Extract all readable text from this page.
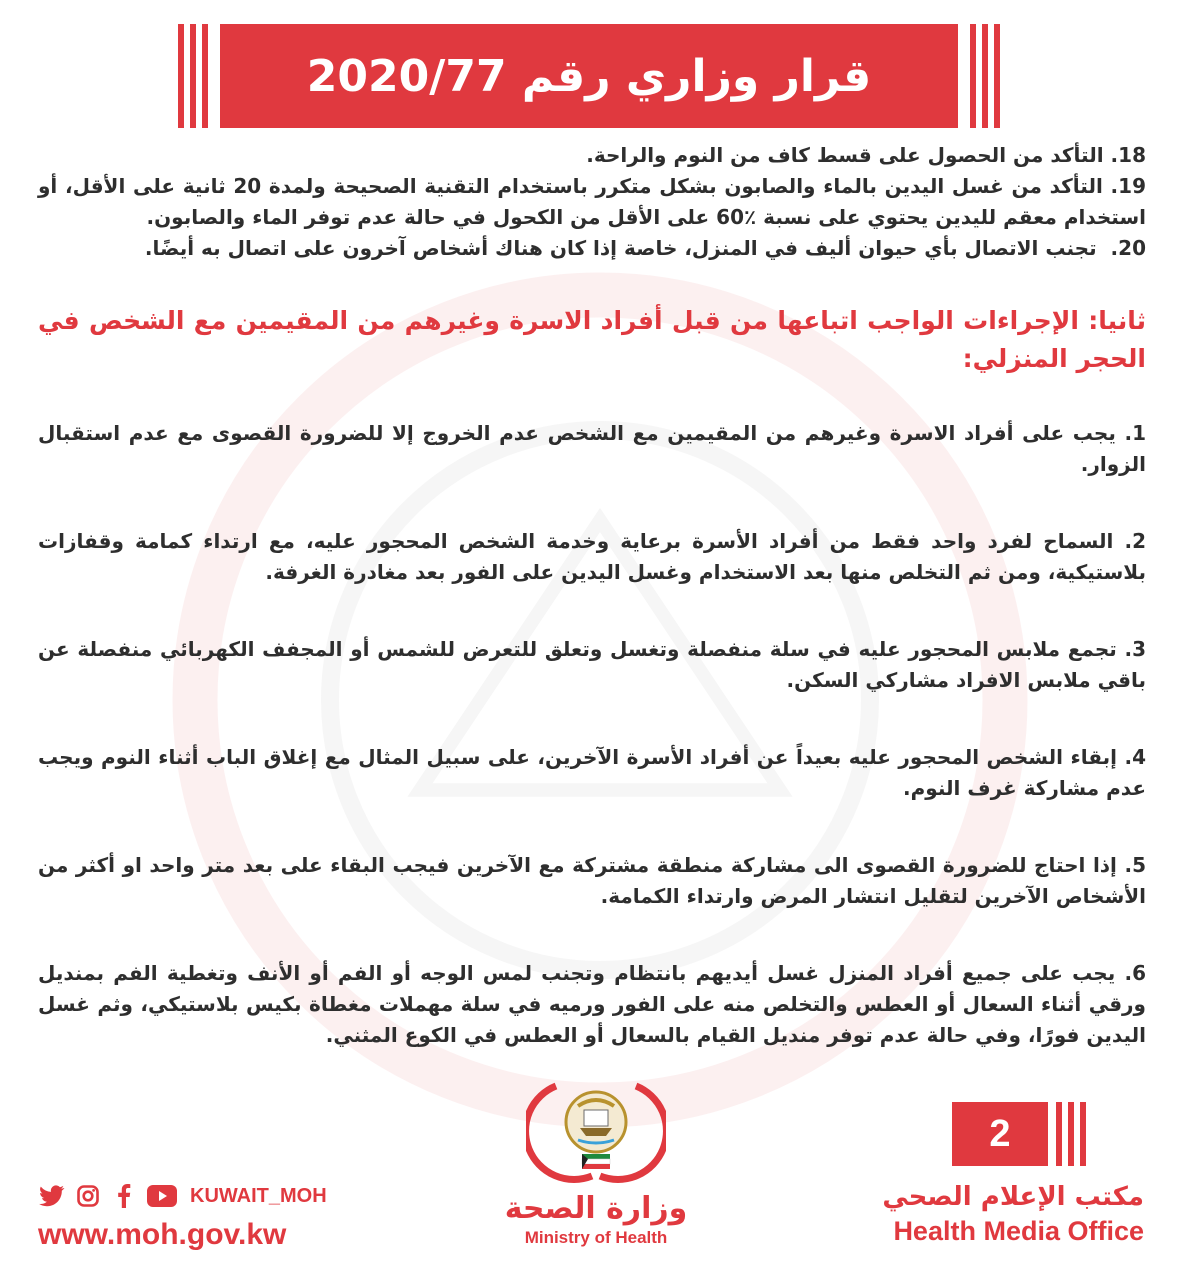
قرار وزاري رقم 2020/77

18. التأكد من الحصول على قسط كاف من النوم والراحة.

19. التأكد من غسل اليدين بالماء والصابون بشكل متكرر باستخدام التقنية الصحيحة ولمدة 20 ثانية على الأقل، أو استخدام معقم لليدين يحتوي على نسبة ٪60 على الأقل من الكحول في حالة عدم توفر الماء والصابون.

20.  تجنب الاتصال بأي حيوان أليف في المنزل، خاصة إذا كان هناك أشخاص آخرون على اتصال به أيضًا.

ثانيا: الإجراءات الواجب اتباعها من قبل أفراد الاسرة وغيرهم من المقيمين مع الشخص في الحجر المنزلي:

1. يجب على أفراد الاسرة وغيرهم من المقيمين مع الشخص عدم الخروج إلا للضرورة القصوى مع عدم استقبال الزوار.

2. السماح لفرد واحد فقط من أفراد الأسرة برعاية وخدمة الشخص المحجور عليه، مع ارتداء كمامة وقفازات بلاستيكية، ومن ثم التخلص منها بعد الاستخدام وغسل اليدين على الفور بعد مغادرة الغرفة.

3. تجمع ملابس المحجور عليه في سلة منفصلة وتغسل وتعلق للتعرض للشمس أو المجفف الكهربائي منفصلة عن باقي ملابس الافراد مشاركي السكن.

4. إبقاء الشخص المحجور عليه بعيداً عن أفراد الأسرة الآخرين، على سبيل المثال مع إغلاق الباب أثناء النوم ويجب عدم مشاركة غرف النوم.

5. إذا احتاج للضرورة القصوى الى مشاركة منطقة مشتركة مع الآخرين فيجب البقاء على بعد متر واحد او أكثر من الأشخاص الآخرين لتقليل انتشار المرض وارتداء الكمامة.

6. يجب على جميع أفراد المنزل غسل أيديهم بانتظام وتجنب لمس الوجه أو الفم أو الأنف وتغطية الفم بمنديل ورقي أثناء السعال أو العطس والتخلص منه على الفور ورميه في سلة مهملات مغطاة بكيس بلاستيكي، وثم غسل اليدين فورًا، وفي حالة عدم توفر منديل القيام بالسعال أو العطس في الكوع المثني.

KUWAIT_MOH
www.moh.gov.kw
وزارة الصحة
Ministry of Health
2
مكتب الإعلام الصحي
Health Media Office
